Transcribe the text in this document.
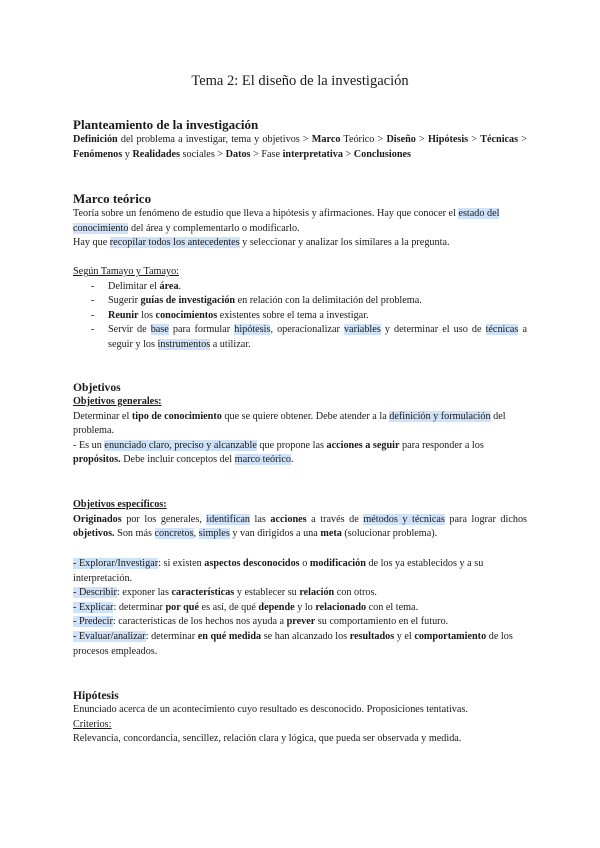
Tema 2: El diseño de la investigación
Planteamiento de la investigación
Definición del problema a investigar, tema y objetivos > Marco Teórico > Diseño > Hipótesis > Técnicas > Fenómenos y Realidades sociales > Datos > Fase interpretativa > Conclusiones
Marco teórico
Teoría sobre un fenómeno de estudio que lleva a hipótesis y afirmaciones. Hay que conocer el estado del conocimiento del área y complementarlo o modificarlo.
Hay que recopilar todos los antecedentes y seleccionar y analizar los similares a la pregunta.
Según Tamayo y Tamayo:
- Delimitar el área.
- Sugerir guías de investigación en relación con la delimitación del problema.
- Reunir los conocimientos existentes sobre el tema a investigar.
- Servir de base para formular hipótesis, operacionalizar variables y determinar el uso de técnicas a seguir y los instrumentos a utilizar.
Objetivos
Objetivos generales:
Determinar el tipo de conocimiento que se quiere obtener. Debe atender a la definición y formulación del problema.
- Es un enunciado claro, preciso y alcanzable que propone las acciones a seguir para responder a los propósitos. Debe incluir conceptos del marco teórico.
Objetivos específicos:
Originados por los generales, identifican las acciones a través de métodos y técnicas para lograr dichos objetivos. Son más concretos, simples y van dirigidos a una meta (solucionar problema).
- Explorar/Investigar: si existen aspectos desconocidos o modificación de los ya establecidos y a su interpretación.
- Describir: exponer las características y establecer su relación con otros.
- Explicar: determinar por qué es así, de qué depende y lo relacionado con el tema.
- Predecir: características de los hechos nos ayuda a prever su comportamiento en el futuro.
- Evaluar/analizar: determinar en qué medida se han alcanzado los resultados y el comportamiento de los procesos empleados.
Hipótesis
Enunciado acerca de un acontecimiento cuyo resultado es desconocido. Proposiciones tentativas.
Criterios:
Relevancia, concordancia, sencillez, relación clara y lógica, que pueda ser observada y medida.
